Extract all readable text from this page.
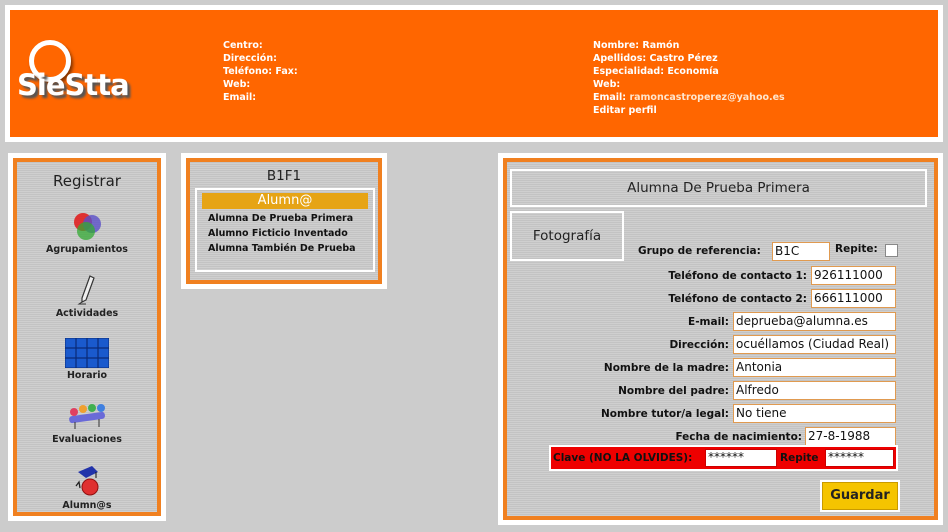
SieStta
Centro:
Dirección:
Teléfono: Fax:
Web:
Email:
Nombre: Ramón
Apellidos: Castro Pérez
Especialidad: Economía
Web:
Email: ramoncastroperez@yahoo.es
Editar perfil
Registrar
Agrupamientos
Actividades
Horario
Evaluaciones
Alumn@s
B1F1
Alumn@
Alumna De Prueba Primera
Alumno Ficticio Inventado
Alumna También De Prueba
Alumna De Prueba Primera
Fotografía
Grupo de referencia: B1C	Repite:
Teléfono de contacto 1: 926111000
Teléfono de contacto 2: 666111000
E-mail: deprueba@alumna.es
Dirección: ocuéllamos (Ciudad Real)
Nombre de la madre: Antonia
Nombre del padre: Alfredo
Nombre tutor/a legal: No tiene
Fecha de nacimiento: 27-8-1988
Clave (NO LA OLVIDES): ******	Repite ******
Guardar
